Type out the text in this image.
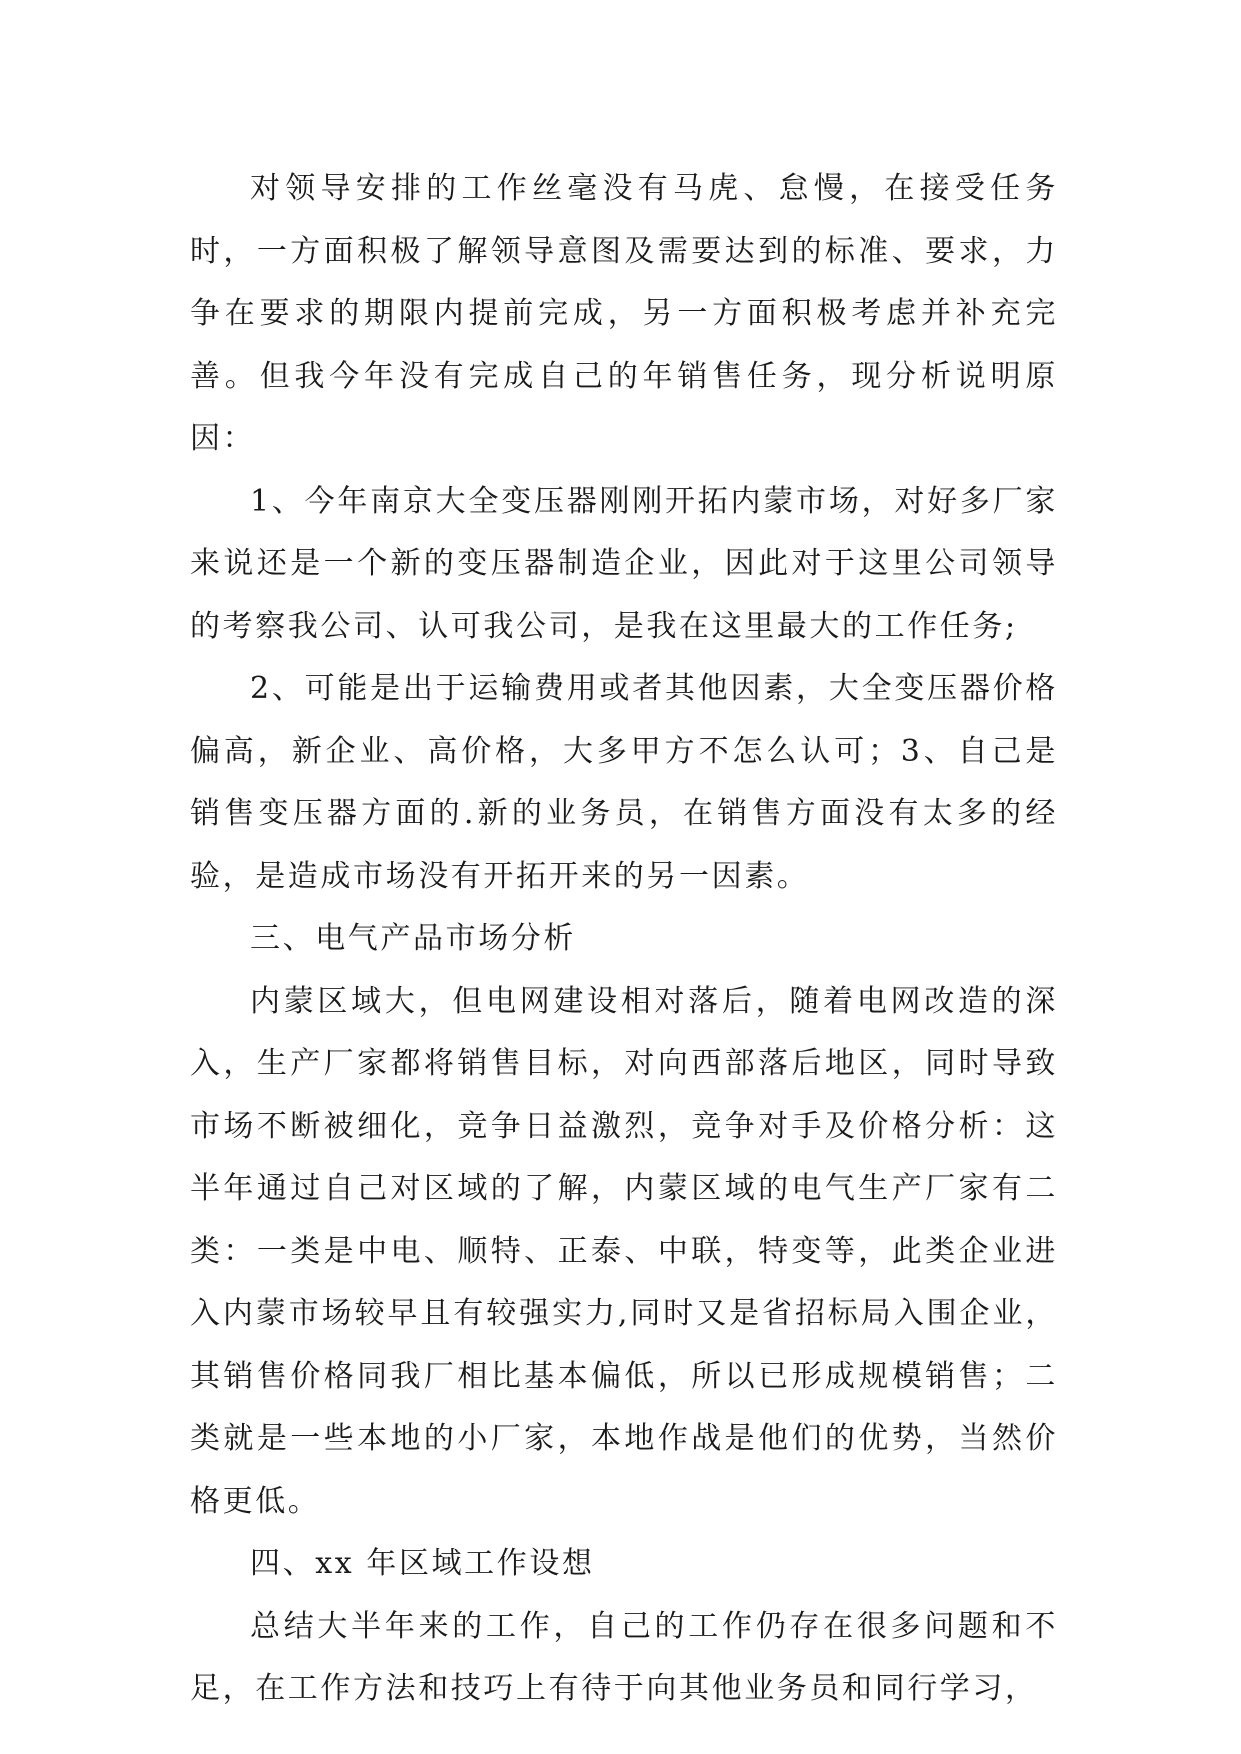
对领导安排的工作丝毫没有马虎、怠慢，在接受任务时，一方面积极了解领导意图及需要达到的标准、要求，力争在要求的期限内提前完成，另一方面积极考虑并补充完善。但我今年没有完成自己的年销售任务，现分析说明原因：

1、今年南京大全变压器刚刚开拓内蒙市场，对好多厂家来说还是一个新的变压器制造企业，因此对于这里公司领导的考察我公司、认可我公司，是我在这里最大的工作任务;

2、可能是出于运输费用或者其他因素，大全变压器价格偏高，新企业、高价格，大多甲方不怎么认可；3、自己是销售变压器方面的.新的业务员，在销售方面没有太多的经验，是造成市场没有开拓开来的另一因素。

三、电气产品市场分析

内蒙区域大，但电网建设相对落后，随着电网改造的深入，生产厂家都将销售目标，对向西部落后地区，同时导致市场不断被细化，竞争日益激烈，竞争对手及价格分析：这半年通过自己对区域的了解，内蒙区域的电气生产厂家有二类：一类是中电、顺特、正泰、中联，特变等，此类企业进入内蒙市场较早且有较强实力,同时又是省招标局入围企业，其销售价格同我厂相比基本偏低，所以已形成规模销售；二类就是一些本地的小厂家，本地作战是他们的优势，当然价格更低。

四、xx 年区域工作设想

总结大半年来的工作，自己的工作仍存在很多问题和不足，在工作方法和技巧上有待于向其他业务员和同行学习，
